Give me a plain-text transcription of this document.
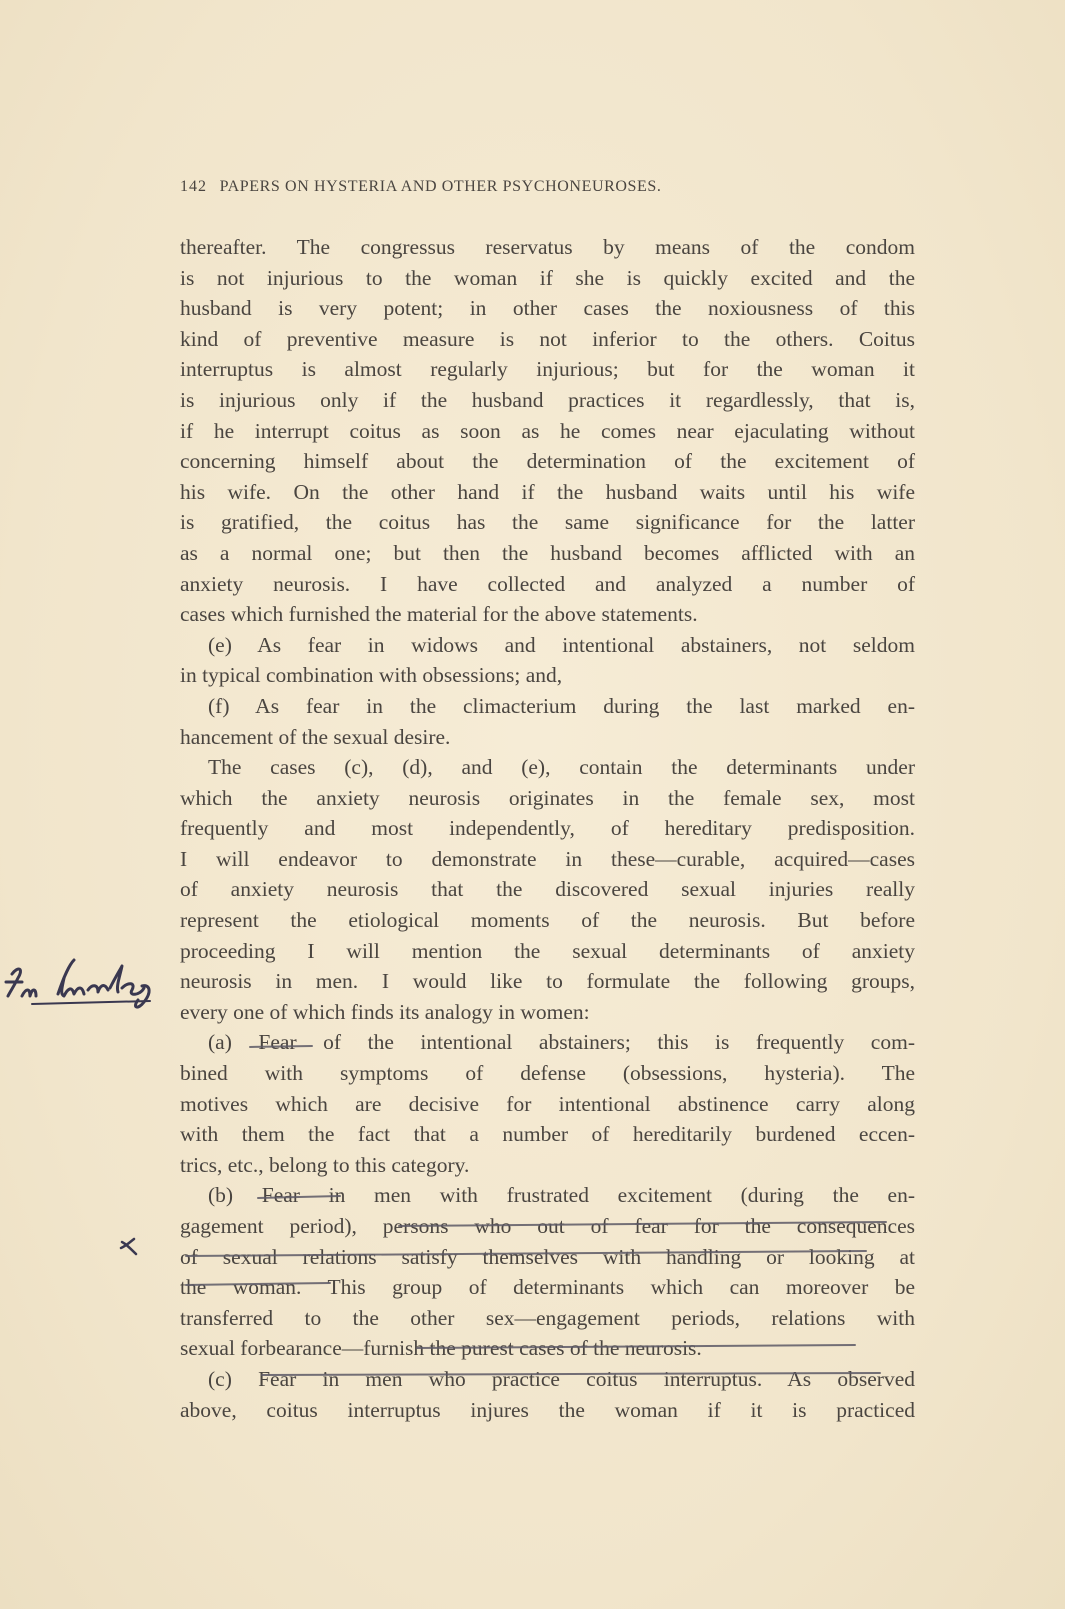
142 PAPERS ON HYSTERIA AND OTHER PSYCHONEUROSES.
thereafter. The congressus reservatus by means of the condom
is not injurious to the woman if she is quickly excited and the
husband is very potent; in other cases the noxiousness of this
kind of preventive measure is not inferior to the others. Coitus
interruptus is almost regularly injurious; but for the woman it
is injurious only if the husband practices it regardlessly, that is,
if he interrupt coitus as soon as he comes near ejaculating without
concerning himself about the determination of the excitement of
his wife. On the other hand if the husband waits until his wife
is gratified, the coitus has the same significance for the latter
as a normal one; but then the husband becomes afflicted with an
anxiety neurosis. I have collected and analyzed a number of
cases which furnished the material for the above statements.
(e) As fear in widows and intentional abstainers, not seldom
in typical combination with obsessions; and,
(f) As fear in the climacterium during the last marked en-
hancement of the sexual desire.
The cases (c), (d), and (e), contain the determinants under
which the anxiety neurosis originates in the female sex, most
frequently and most independently, of hereditary predisposition.
I will endeavor to demonstrate in these—curable, acquired—cases
of anxiety neurosis that the discovered sexual injuries really
represent the etiological moments of the neurosis. But before
proceeding I will mention the sexual determinants of anxiety
neurosis in men. I would like to formulate the following groups,
every one of which finds its analogy in women:
(a) Fear of the intentional abstainers; this is frequently com-
bined with symptoms of defense (obsessions, hysteria). The
motives which are decisive for intentional abstinence carry along
with them the fact that a number of hereditarily burdened eccen-
trics, etc., belong to this category.
(b) Fear in men with frustrated excitement (during the en-
gagement period), persons who out of fear for the consequences
of sexual relations satisfy themselves with handling or looking at
the woman. This group of determinants which can moreover be
transferred to the other sex—engagement periods, relations with
sexual forbearance—furnish the purest cases of the neurosis.
(c) Fear in men who practice coitus interruptus. As observed
above, coitus interruptus injures the woman if it is practiced
